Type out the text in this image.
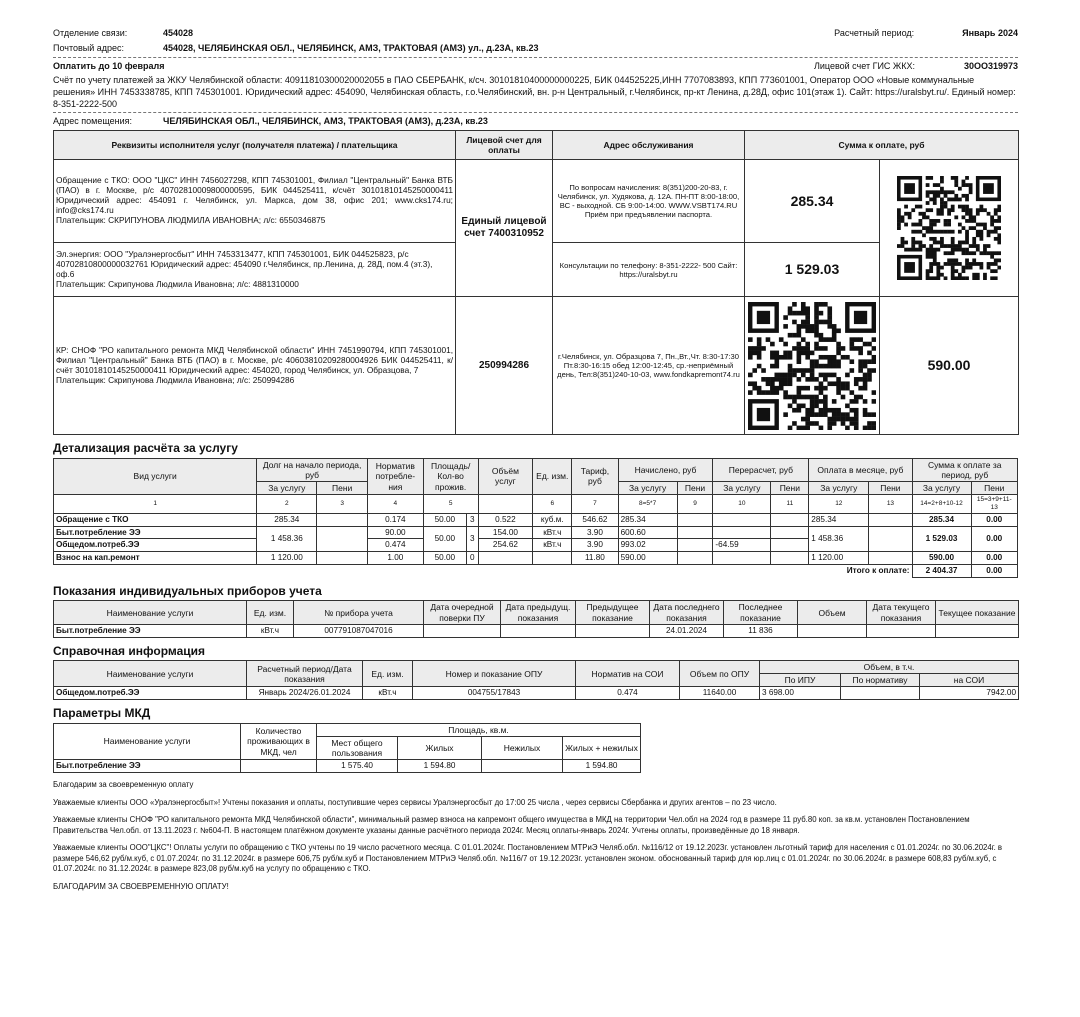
Отделение связи:	454028	Расчетный период:	Январь 2024
Почтовый адрес:	454028, ЧЕЛЯБИНСКАЯ ОБЛ., ЧЕЛЯБИНСК, АМЗ, ТРАКТОВАЯ (АМЗ) ул., д.23А, кв.23
Оплатить до 10 февраля	Лицевой счет ГИС ЖКХ:	30ОО319973
Счёт по учету платежей за ЖКУ Челябинской области: 40911810300020002055 в ПАО СБЕРБАНК, к/сч. 30101810400000000225, БИК 044525225,ИНН 7707083893, КПП 773601001, Оператор ООО «Новые коммунальные решения» ИНН 7453338785, КПП 745301001. Юридический адрес: 454090, Челябинская область, г.о.Челябинский, вн. р-н Центральный, г.Челябинск, пр-кт Ленина, д.28Д, офис 101(этаж 1). Сайт: https://uralsbyt.ru/. Единый номер: 8-351-2222-500
Адрес помещения:	ЧЕЛЯБИНСКАЯ ОБЛ., ЧЕЛЯБИНСК, АМЗ, ТРАКТОВАЯ (АМЗ), д.23А, кв.23
Реквизиты исполнителя услуг (получателя платежа) / плательщика	Лицевой счет для оплаты	Адрес обслуживания	Сумма к оплате, руб	

Обращение с ТКО: ООО "ЦКС" ИНН 7456027298, КПП 745301001, Филиал "Центральный" Банка ВТБ (ПАО) в г. Москве, р/с 40702810009800000595, БИК 044525411, к/счёт 30101810145250000411 Юридический адрес: 454091 г. Челябинск, ул. Маркса, дом 38, офис 201; www.cks174.ru; info@cks174.ru
Плательщик: СКРИПУНОВА ЛЮДМИЛА ИВАНОВНА; л/с: 6550346875	Единый лицевой счет 7400310952	По вопросам начисления: 8(351)200-20-83, г. Челябинск, ул. Худякова, д. 12А. ПН-ПТ 8:00-18:00, ВС - выходной. СБ 9:00-14:00. WWW.VSBT174.RU Приём при предъявлении паспорта.	285.34	

Эл.энергия: ООО "Уралэнергосбыт" ИНН 7453313477, КПП 745301001, БИК 044525823, р/с 40702810800000032761 Юридический адрес: 454090 г.Челябинск, пр.Ленина, д. 28Д, пом.4 (эт.3), оф.6
Плательщик: Скрипунова Людмила Ивановна; л/с: 4881310000		Консультации по телефону: 8-351-2222- 500 Сайт: https://uralsbyt.ru	1 529.03	

КР: СНОФ "РО капитального ремонта МКД Челябинской области" ИНН 7451990794, КПП 745301001, Филиал "Центральный" Банка ВТБ (ПАО) в г. Москве, р/с 40603810209280004926 БИК 044525411, к/счёт 30101810145250000411 Юридический адрес: 454020, город Челябинск, ул. Образцова, 7
Плательщик: Скрипунова Людмила Ивановна; л/с: 250994286	250994286	г.Челябинск, ул. Образцова 7, Пн.,Вт.,Чт. 8:30-17:30 Пт.8:30-16:15 обед 12:00-12:45, ср.-неприёмный день, Тел:8(351)240-10-03, www.fondkapremont74.ru		590.00
Детализация расчёта за услугу
Вид услуги	Долг на начало периода, руб		Норматив потребле-ния	Площадь/ Кол-во прожив.		Объём услуг	Ед. изм.	Тариф, руб	Начислено, руб		Перерасчет, руб		Оплата в месяце, руб		Сумма к оплате за период, руб	
	За услугу	Пени							За услугу	Пени	За услугу	Пени	За услугу	Пени	За услугу	Пени
1	2	3	4	5			6	7	8=5*7	9	10	11	12	13	14=2+8+10-12	15=3+9+11-13
Обращение с ТКО	285.34		0.174	50.00	3	0.522	куб.м.	546.62	285.34				285.34		285.34	0.00
Быт.потребление ЭЭ	1 458.36		90.00	50.00	3	154.00	кВт.ч	3.90	600.60				1 458.36		1 529.03	0.00
Общедом.потреб.ЭЭ			0.474			254.62	кВт.ч	3.90	993.02		-64.59					
Взнос на кап.ремонт	1 120.00		1.00	50.00	0			11.80	590.00				1 120.00		590.00	0.00
Итого к оплате:															2 404.37	0.00
Показания индивидуальных приборов учета
Наименование услуги	Ед. изм.	№ прибора учета	Дата очередной поверки ПУ	Дата предыдущ. показания	Предыдущее показание	Дата последнего показания	Последнее показание	Объем	Дата текущего показания	Текущее показание
Быт.потребление ЭЭ	кВт.ч	007791087047016				24.01.2024	11 836			
Справочная информация
Наименование услуги	Расчетный период/Дата показания	Ед. изм.	Номер и показание ОПУ	Норматив на СОИ	Объем по ОПУ	Объем, в т.ч.		
						По ИПУ	По нормативу	на СОИ
Общедом.потреб.ЭЭ	Январь 2024/26.01.2024	кВт.ч	004755/17843	0.474	11640.00	3 698.00		7942.00
Параметры МКД
Наименование услуги	Количество проживающих в МКД, чел	Площадь, кв.м.			
		Мест общего пользования	Жилых	Нежилых	Жилых + нежилых
Быт.потребление ЭЭ		1 575.40	1 594.80		1 594.80
Благодарим за своевременную оплату
Уважаемые клиенты ООО «Уралэнергосбыт»! Учтены показания и оплаты, поступившие через сервисы Уралэнергосбыт до 17:00 25 числа , через сервисы Сбербанка и других агентов – по 23 число.
Уважаемые клиенты СНОФ "РО капитального ремонта МКД Челябинской области", минимальный размер взноса на капремонт общего имущества в МКД на территории Чел.обл на 2024 год в размере 11 руб.80 коп. за кв.м. установлен Постановлением Правительства Чел.обл. от 13.11.2023 г. №604-П. В настоящем платёжном документе указаны данные расчётного периода 2024г. Месяц оплаты-январь 2024г. Учтены оплаты, произведённые до 18 января.
Уважаемые клиенты ООО"ЦКС"! Оплаты услуги по обращению с ТКО учтены по 19 число расчетного месяца. С 01.01.2024г. Постановлением МТРиЭ Челяб.обл. №116/12 от 19.12.2023г. установлен льготный тариф для населения с 01.01.2024г. по 30.06.2024г. в размере 546,62 руб/м.куб, с 01.07.2024г. по 31.12.2024г. в размере 606,75 руб/м.куб и Постановлением МТРиЭ Челяб.обл. №116/7 от 19.12.2023г. установлен эконом. обоснованный тариф для юр.лиц с 01.01.2024г. по 30.06.2024г. в размере 608,83 руб/м.куб, с 01.07.2024г. по 31.12.2024г. в размере 823,08 руб/м.куб на услугу по обращению с ТКО.
БЛАГОДАРИМ ЗА СВОЕВРЕМЕННУЮ ОПЛАТУ!
